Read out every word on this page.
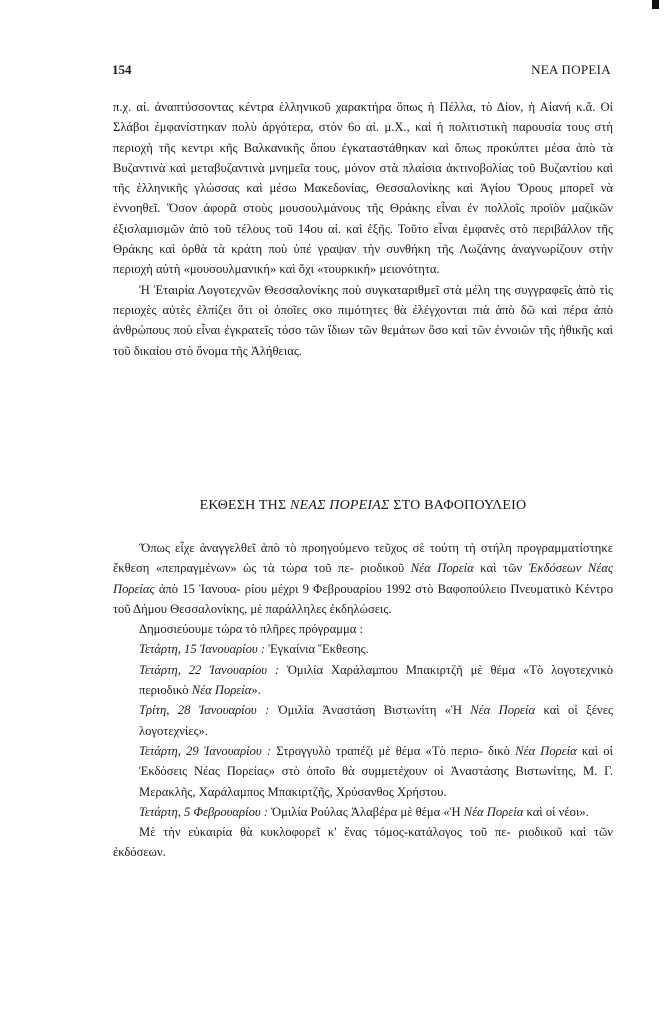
154	ΝΕΑ ΠΟΡΕΙΑ

π.χ. αἰ. ἀναπτύσσοντας κέντρα ἑλληνικοῦ χαρακτήρα ὅπως ἡ Πέλλα, τὸ Δίον, ἡ Αἰανή κ.ἄ. Οἱ Σλάβοι ἐμφανίστηκαν πολὺ ἀργότερα, στὸν 6ο αἰ. μ.Χ., καὶ ἡ πολιτιστικὴ παρουσία τους στὴ περιοχὴ τῆς κεντρι κῆς Βαλκανικῆς ὅπου ἐγκαταστάθηκαν καὶ ὅπως προκύπτει μέσα ἀπὸ τὰ Βυζαντινὰ καὶ μεταβυζαντινὰ μνημεῖα τους, μόνον στὰ πλαίσια ἀκτινοβολίας τοῦ Βυζαντίου καὶ τῆς ἑλληνικῆς γλώσσας καὶ μέσω Μακεδονίας, Θεσσαλονίκης καὶ Ἁγίου Ὄρους μπορεῖ νὰ ἐννοηθεῖ. Ὅσον ἀφορᾶ στοὺς μουσουλμάνους τῆς Θράκης εἶναι ἐν πολλοῖς προϊὸν μαζικῶν ἐξισλαμισμῶν ἀπὸ τοῦ τέλους τοῦ 14ου αἰ. καὶ ἑξῆς. Τοῦτο εἶναι ἐμφανὲς στὸ περιβάλλον τῆς Θράκης καὶ ὀρθὰ τὰ κράτη ποὺ ὑπέ γραψαν τὴν συνθήκη τῆς Λωζάνης ἀναγνωρίζουν στὴν περιοχὴ αὐτὴ «μουσουλμανική» καὶ ὄχι «τουρκική» μειονότητα.

Ἡ Ἑταιρία Λογοτεχνῶν Θεσσαλονίκης ποὺ συγκαταριθμεῖ στὰ μέλη της συγγραφεῖς ἀπὸ τὶς περιοχὲς αὐτὲς ἐλπίζει ὅτι οἱ ὁποῖες σκο πιμότητες θὰ ἐλέγχονται πιὰ ἀπὸ δῶ καὶ πέρα ἀπὸ ἀνθρώπους ποὺ εἶναι ἐγκρατεῖς τόσο τῶν ἴδιων τῶν θεμάτων ὅσο καὶ τῶν ἐννοιῶν τῆς ἠθικῆς καὶ τοῦ δικαίου στὸ ὄνομα τῆς Ἀλήθειας.

ΕΚΘΕΣΗ ΤΗΣ ΝΕΑΣ ΠΟΡΕΙΑΣ ΣΤΟ ΒΑΦΟΠΟΥΛΕΙΟ

Ὅπως εἶχε ἀναγγελθεῖ ἀπὸ τὸ προηγούμενο τεῦχος σὲ τούτη τὴ στήλη προγραμματίστηκε ἔκθεση «πεπραγμένων» ὡς τὰ τώρα τοῦ πε- ριοδικοῦ Νέα Πορεία καὶ τῶν Ἐκδόσεων Νέας Πορείας ἀπὸ 15 Ἰανουα- ρίου μέχρι 9 Φεβρουαρίου 1992 στὸ Βαφοπούλειο Πνευματικὸ Κέντρο τοῦ Δήμου Θεσσαλονίκης, μὲ παράλληλες ἐκδηλώσεις.

Δημοσιεύουμε τώρα τὸ πλῆρες πρόγραμμα :

Τετάρτη, 15 Ἰανουαρίου : Ἐγκαίνια Ἔκθεσης.

Τετάρτη, 22 Ἰανουαρίου : Ὁμιλία Χαράλαμπου Μπακιρτζῆ μὲ θέμα «Τὸ λογοτεχνικὸ περιοδικὸ Νέα Πορεία».

Τρίτη, 28 Ἰανουαρίου : Ὁμιλία Ἀναστάση Βιστωνίτη «Ἡ Νέα Πορεία καὶ οἱ ξένες λογοτεχνίες».

Τετάρτη, 29 Ἰανουαρίου : Στρογγυλὸ τραπέζι μὲ θέμα «Τὸ περιο- δικὸ Νέα Πορεία καὶ οἱ Ἐκδόσεις Νέας Πορείας» στὸ ὁποῖο θὰ συμμετέχουν οἱ Ἀναστάσης Βιστωνίτης, Μ. Γ. Μερακλῆς, Χαράλαμπος Μπακιρτζῆς, Χρύσανθος Χρήστου.

Τετάρτη, 5 Φεβρουαρίου : Ὁμιλία Ρούλας Ἀλαβέρα μὲ θέμα «Ἡ Νέα Πορεία καὶ οἱ νέοι».

Μὲ τὴν εὐκαιρία θὰ κυκλοφορεῖ κ' ἕνας τόμος-κατάλογος τοῦ πε- ριοδικοῦ καὶ τῶν ἐκδόσεων.
